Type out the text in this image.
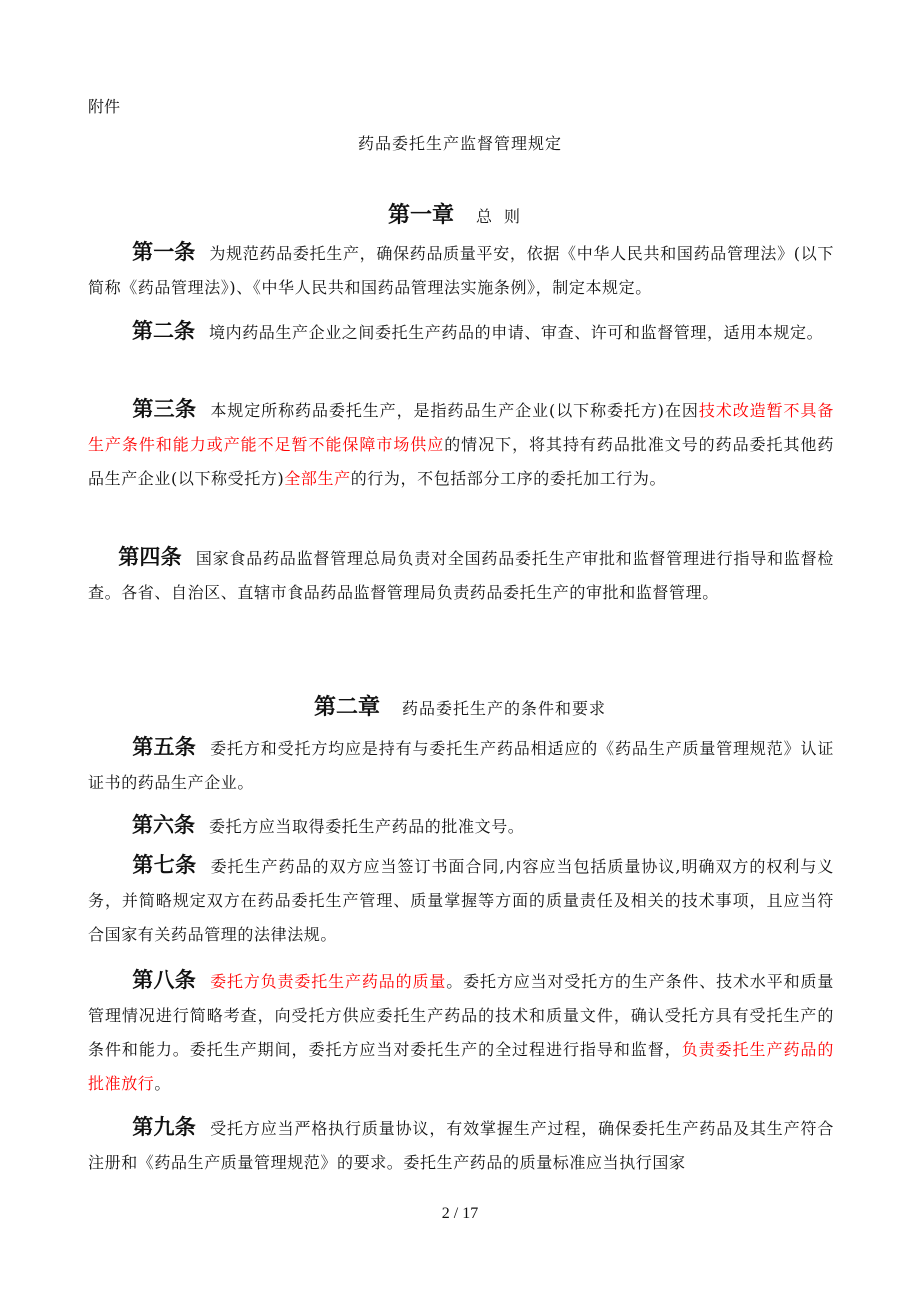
附件
药品委托生产监督管理规定
第一章 总则
第一条 为规范药品委托生产，确保药品质量平安，依据《中华人民共和国药品管理法》(以下简称《药品管理法》)、《中华人民共和国药品管理法实施条例》，制定本规定。
第二条 境内药品生产企业之间委托生产药品的申请、审查、许可和监督管理，适用本规定。
第三条 本规定所称药品委托生产，是指药品生产企业(以下称委托方)在因技术改造暂不具备生产条件和能力或产能不足暂不能保障市场供应的情况下，将其持有药品批准文号的药品委托其他药品生产企业(以下称受托方)全部生产的行为，不包括部分工序的委托加工行为。
第四条 国家食品药品监督管理总局负责对全国药品委托生产审批和监督管理进行指导和监督检查。各省、自治区、直辖市食品药品监督管理局负责药品委托生产的审批和监督管理。
第二章 药品委托生产的条件和要求
第五条 委托方和受托方均应是持有与委托生产药品相适应的《药品生产质量管理规范》认证证书的药品生产企业。
第六条 委托方应当取得委托生产药品的批准文号。
第七条 委托生产药品的双方应当签订书面合同,内容应当包括质量协议,明确双方的权利与义务，并简略规定双方在药品委托生产管理、质量掌握等方面的质量责任及相关的技术事项，且应当符合国家有关药品管理的法律法规。
第八条 委托方负责委托生产药品的质量。委托方应当对受托方的生产条件、技术水平和质量管理情况进行简略考查，向受托方供应委托生产药品的技术和质量文件，确认受托方具有受托生产的条件和能力。委托生产期间，委托方应当对委托生产的全过程进行指导和监督，负责委托生产药品的批准放行。
第九条 受托方应当严格执行质量协议，有效掌握生产过程，确保委托生产药品及其生产符合注册和《药品生产质量管理规范》的要求。委托生产药品的质量标准应当执行国家
2 / 17
